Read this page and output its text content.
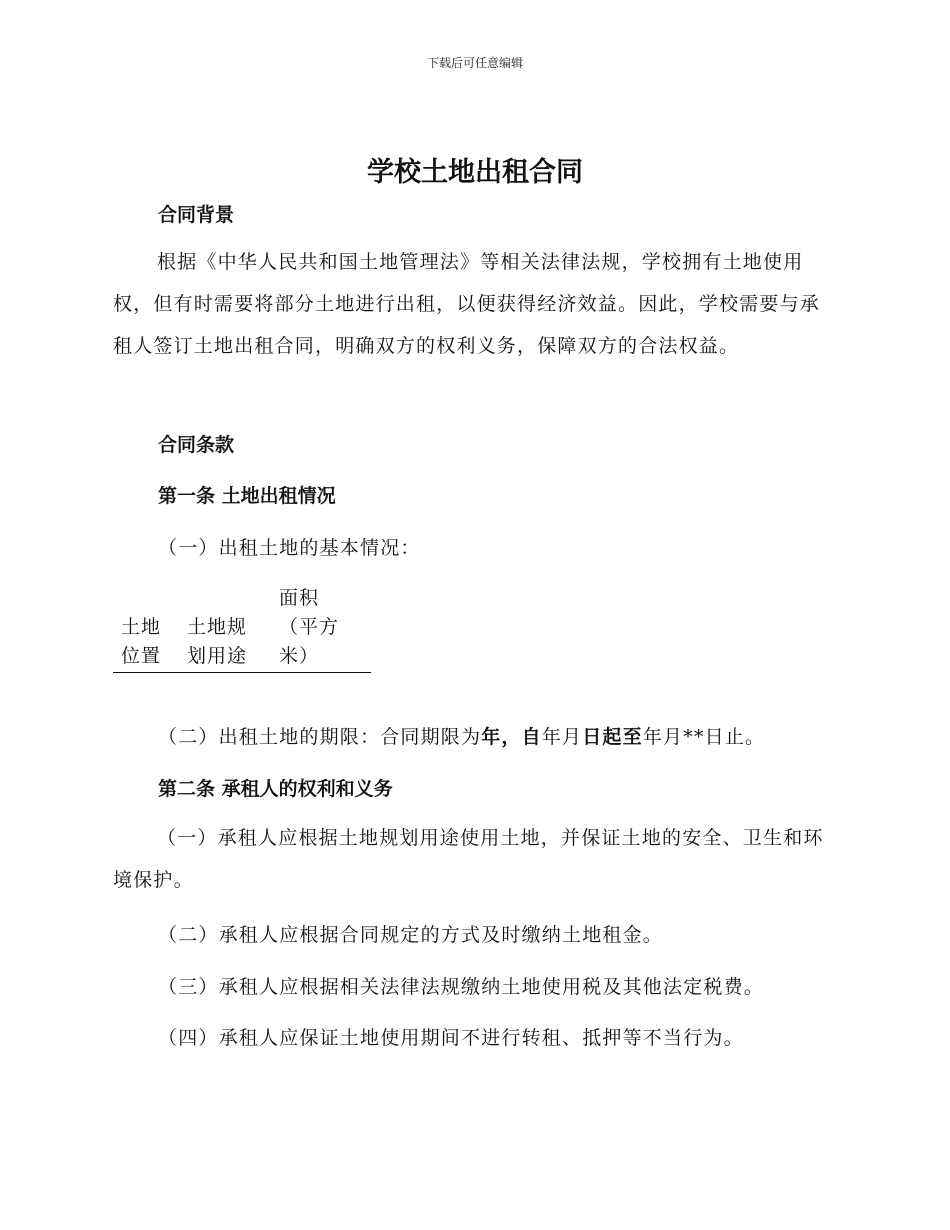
下载后可任意编辑
学校土地出租合同
合同背景
根据《中华人民共和国土地管理法》等相关法律法规，学校拥有土地使用权，但有时需要将部分土地进行出租，以便获得经济效益。因此，学校需要与承租人签订土地出租合同，明确双方的权利义务，保障双方的合法权益。
合同条款
第一条 土地出租情况
（一）出租土地的基本情况：
土地
位置
土地规
划用途
面积
（平方
米）
（二）出租土地的期限：合同期限为年，自年月日起至年月**日止。
第二条 承租人的权利和义务
（一）承租人应根据土地规划用途使用土地，并保证土地的安全、卫生和环境保护。
（二）承租人应根据合同规定的方式及时缴纳土地租金。
（三）承租人应根据相关法律法规缴纳土地使用税及其他法定税费。
（四）承租人应保证土地使用期间不进行转租、抵押等不当行为。
